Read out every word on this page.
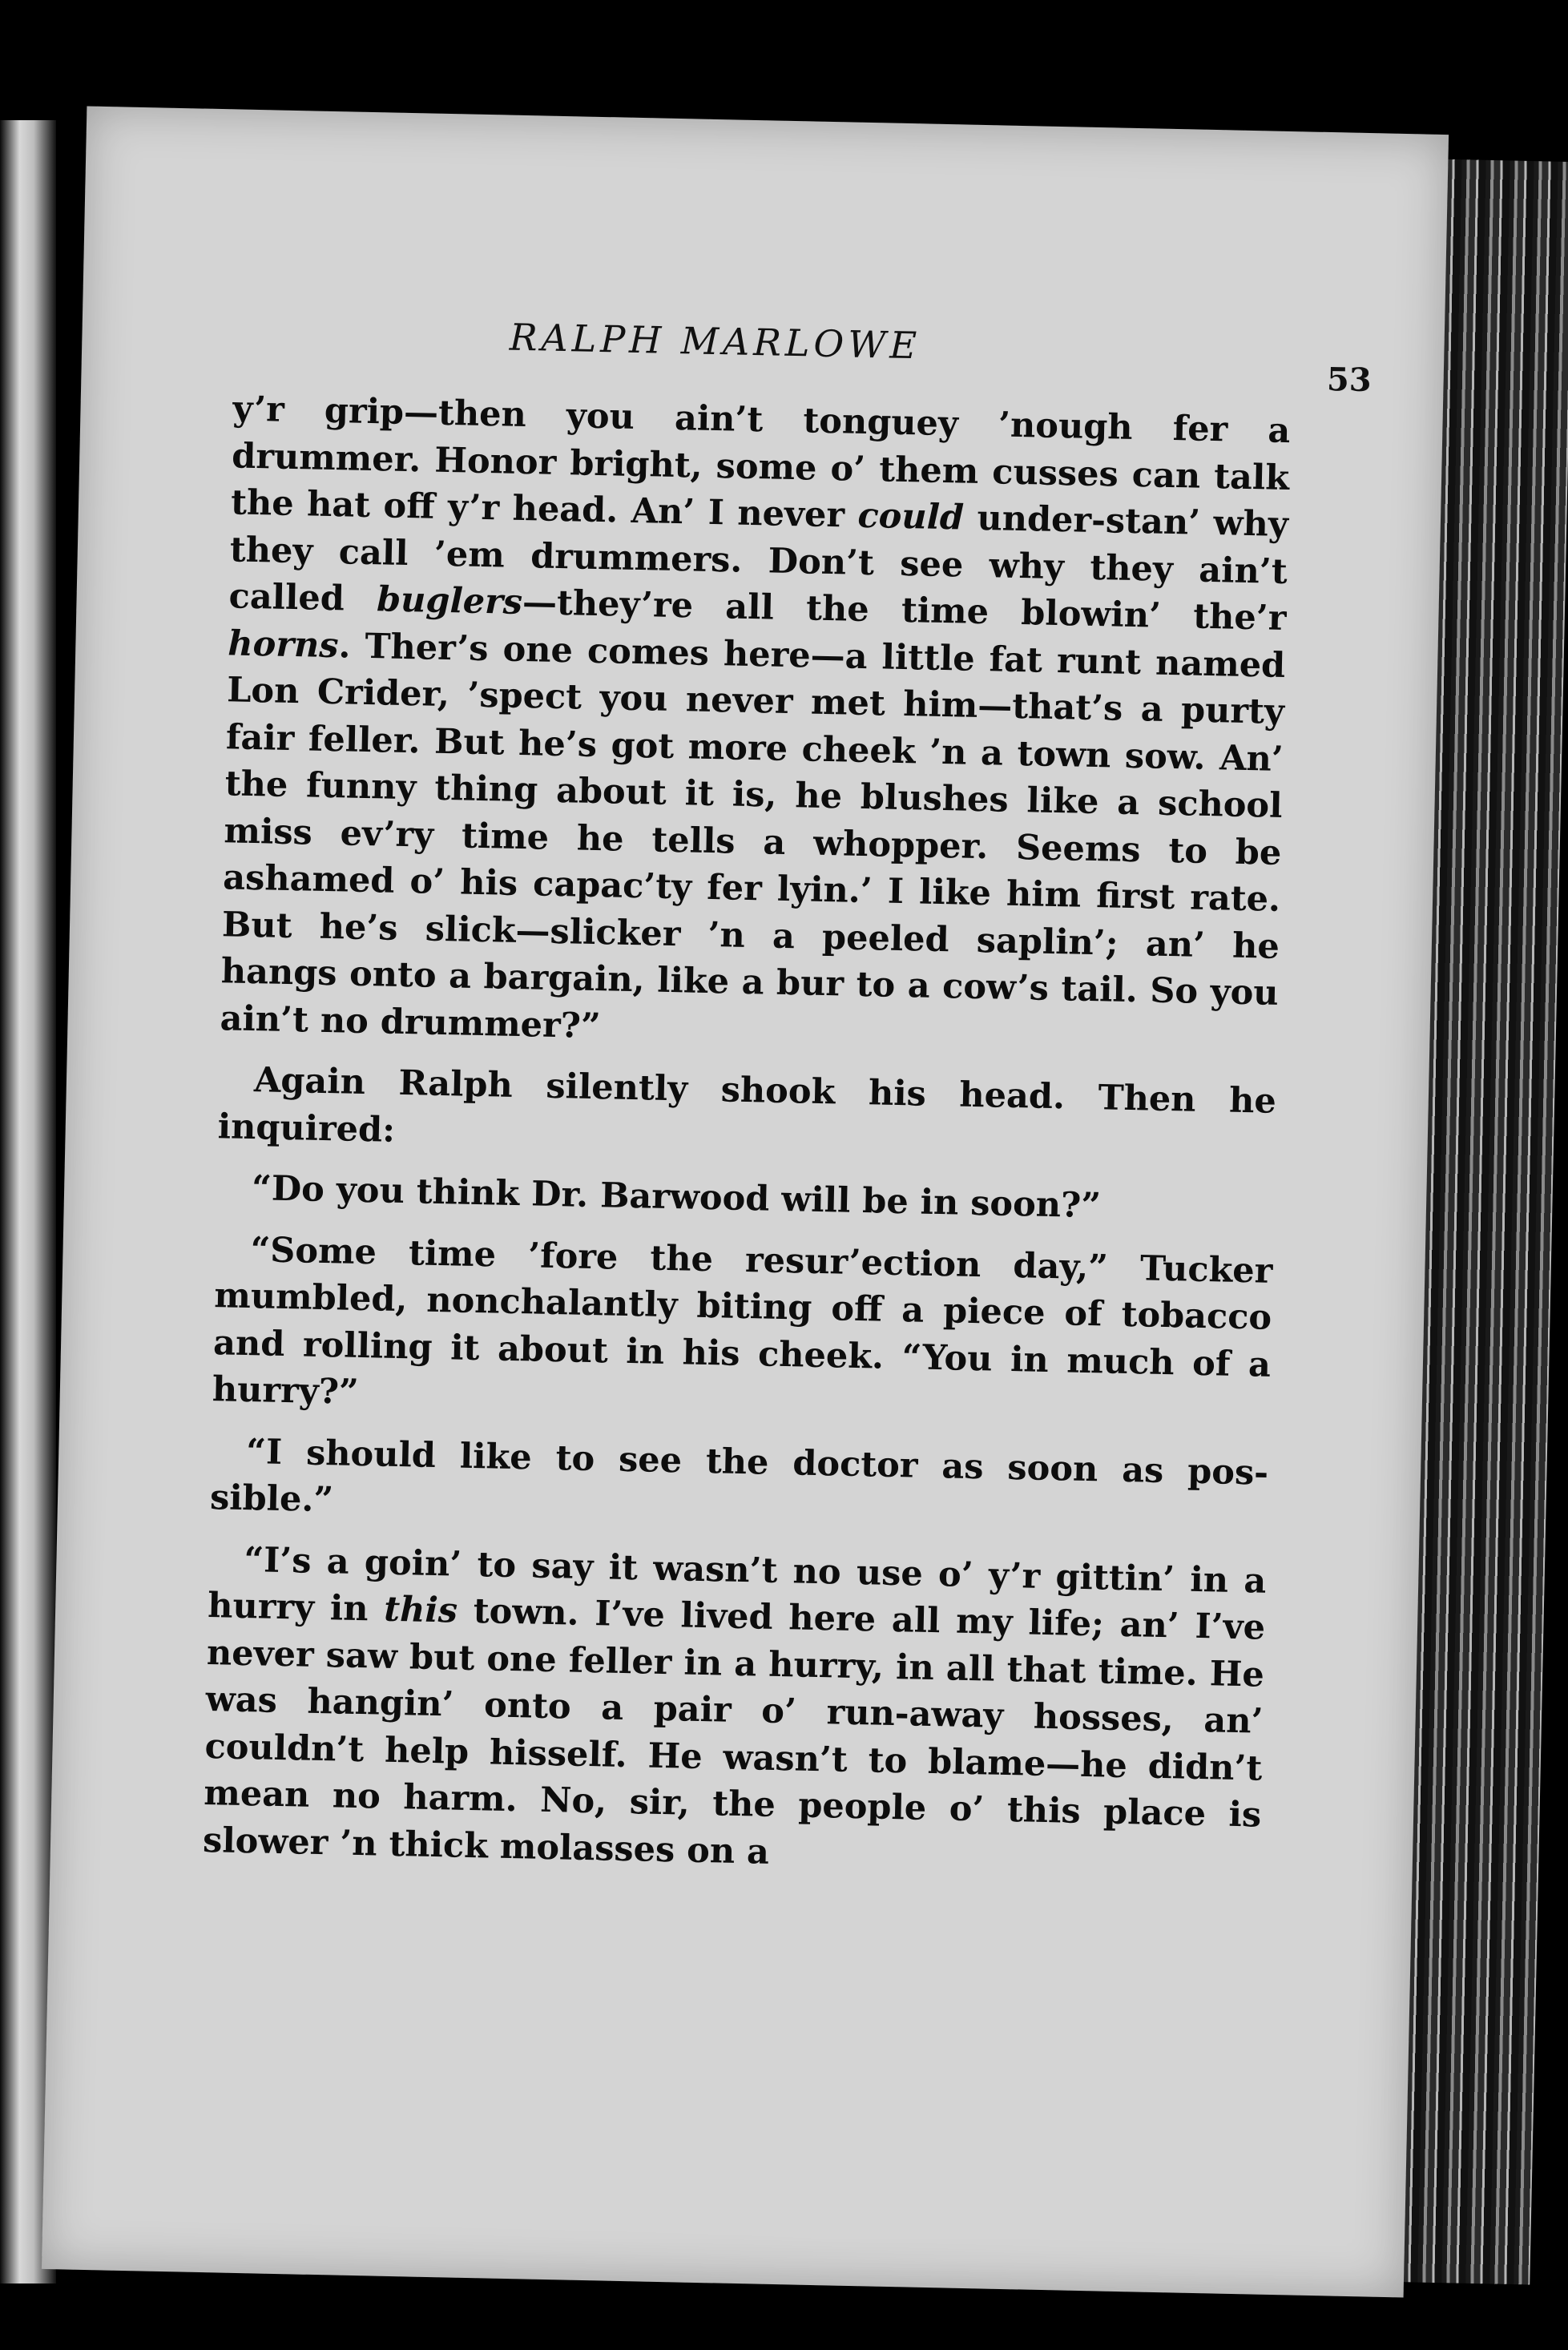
RALPH MARLOWE
53

y’r grip—then you ain’t tonguey ’nough fer a drummer. Honor bright, some o’ them cusses can talk the hat off y’r head. An’ I never could under-stan’ why they call ’em drummers. Don’t see why they ain’t called buglers—they’re all the time blowin’ the’r horns. Ther’s one comes here—a little fat runt named Lon Crider, ’spect you never met him—that’s a purty fair feller. But he’s got more cheek ’n a town sow. An’ the funny thing about it is, he blushes like a school miss ev’ry time he tells a whopper. Seems to be ashamed o’ his capac’ty fer lyin.’ I like him first rate. But he’s slick—slicker ’n a peeled saplin’; an’ he hangs onto a bargain, like a bur to a cow’s tail. So you ain’t no drummer?”

Again Ralph silently shook his head. Then he inquired:

“Do you think Dr. Barwood will be in soon?”

“Some time ’fore the resur’ection day,” Tucker mumbled, nonchalantly biting off a piece of tobacco and rolling it about in his cheek. “You in much of a hurry?”

“I should like to see the doctor as soon as pos-sible.”

“I’s a goin’ to say it wasn’t no use o’ y’r gittin’ in a hurry in this town. I’ve lived here all my life; an’ I’ve never saw but one feller in a hurry, in all that time. He was hangin’ onto a pair o’ run-away hosses, an’ couldn’t help hisself. He wasn’t to blame—he didn’t mean no harm. No, sir, the people o’ this place is slower ’n thick molasses on a
